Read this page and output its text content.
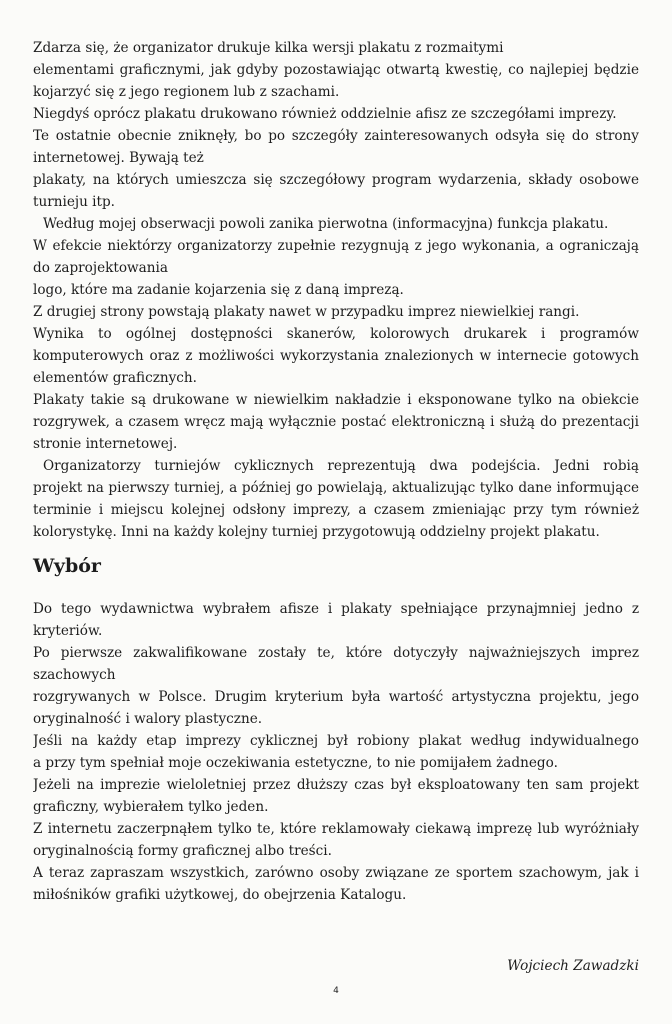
Zdarza się, że organizator drukuje kilka wersji plakatu z rozmaitymi
elementami graficznymi, jak gdyby pozostawiając otwartą kwestię, co najlepiej będzie
kojarzyć się z jego regionem lub z szachami.
Niegdyś oprócz plakatu drukowano również oddzielnie afisz ze szczegółami imprezy.
Te ostatnie obecnie zniknęły, bo po szczegóły zainteresowanych odsyła się do strony
internetowej. Bywają też
plakaty, na których umieszcza się szczegółowy program wydarzenia, składy osobowe
turnieju itp.
Według mojej obserwacji powoli zanika pierwotna (informacyjna) funkcja plakatu.
W efekcie niektórzy organizatorzy zupełnie rezygnują z jego wykonania, a ograniczają
do zaprojektowania
logo, które ma zadanie kojarzenia się z daną imprezą.
Z drugiej strony powstają plakaty nawet w przypadku imprez niewielkiej rangi.
Wynika to ogólnej dostępności skanerów, kolorowych drukarek i programów
komputerowych oraz z możliwości wykorzystania znalezionych w internecie gotowych
elementów graficznych.
Plakaty takie są drukowane w niewielkim nakładzie i eksponowane tylko na obiekcie
rozgrywek, a czasem wręcz mają wyłącznie postać elektroniczną i służą do prezentacji
stronie internetowej.
Organizatorzy turniejów cyklicznych reprezentują dwa podejścia. Jedni robią
projekt na pierwszy turniej, a później go powielają, aktualizując tylko dane informujące
terminie i miejscu kolejnej odsłony imprezy, a czasem zmieniając przy tym również
kolorystykę. Inni na każdy kolejny turniej przygotowują oddzielny projekt plakatu.
Wybór
Do tego wydawnictwa wybrałem afisze i plakaty spełniające przynajmniej jedno z
kryteriów.
Po pierwsze zakwalifikowane zostały te, które dotyczyły najważniejszych imprez
szachowych
rozgrywanych w Polsce. Drugim kryterium była wartość artystyczna projektu, jego
oryginalność i walory plastyczne.
Jeśli na każdy etap imprezy cyklicznej był robiony plakat według indywidualnego
a przy tym spełniał moje oczekiwania estetyczne, to nie pomijałem żadnego.
Jeżeli na imprezie wieloletniej przez dłuższy czas był eksploatowany ten sam projekt
graficzny, wybierałem tylko jeden.
Z internetu zaczerpnąłem tylko te, które reklamowały ciekawą imprezę lub wyróżniały
oryginalnością formy graficznej albo treści.
A teraz zapraszam wszystkich, zarówno osoby związane ze sportem szachowym, jak i
miłośników grafiki użytkowej, do obejrzenia Katalogu.
Wojciech Zawadzki
4
